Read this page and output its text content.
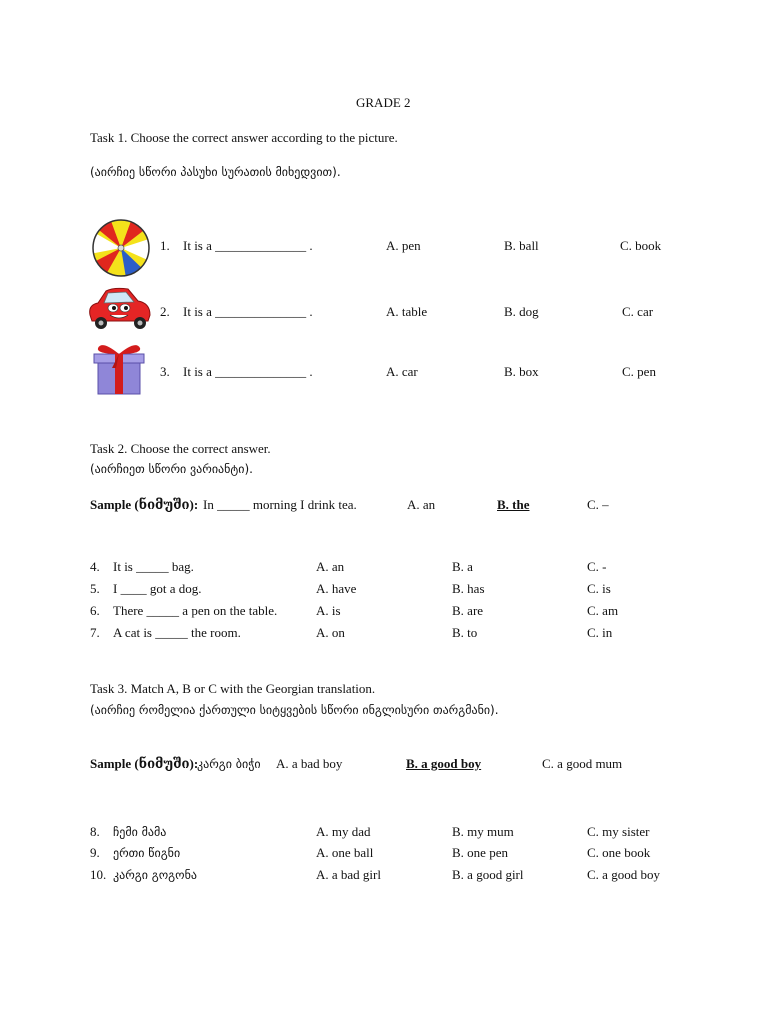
GRADE 2
Task 1. Choose the correct answer according to the picture.
(აირჩიე სწორი პასუხი სურათის მიხედვით).
1. It is a ______________ .	A. pen	B. ball	C. book
2. It is a ______________ .	A. table	B. dog	C. car
3. It is a ______________ .	A. car	B. box	C. pen
Task 2. Choose the correct answer.
(აირჩიეთ სწორი ვარიანტი).
Sample (ნიმუში): In _____ morning I drink tea.	A. an	B. the	C. –
4. It is _____ bag.	A. an	B. a	C. -
5. I ____ got a dog.	A. have	B. has	C. is
6. There _____ a pen on the table.	A. is	B. are	C. am
7. A cat is _____ the room.	A. on	B. to	C. in
Task 3. Match A, B or C with the Georgian translation.
(აირჩიე რომელია ქართული სიტყვების სწორი ინგლისური თარგმანი).
Sample (ნიმუში):
კარგი ბიჭი A. a bad boy	B. a good boy	C. a good mum
8. ჩემი მამა	A. my dad	B. my mum	C. my sister
9. ერთი წიგნი	A. one ball	B. one pen	C. one book
10. კარგი გოგონა	A. a bad girl	B. a good girl	C. a good boy
